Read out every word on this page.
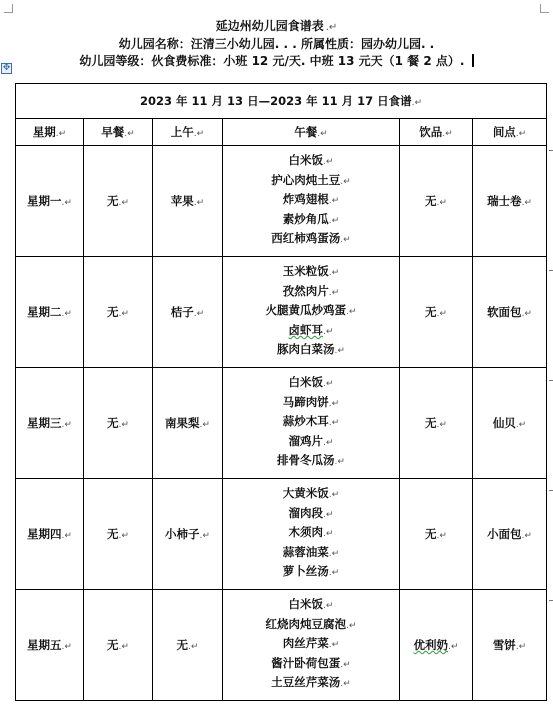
延边州幼儿园食谱表 .↵
幼儿园名称：汪清三小幼儿园. . . 所属性质：园办幼儿园. .
幼儿园等级：伙食费标准：小班 12 元/天. 中班 13 元天（1 餐 2 点）.
✥
2023 年 11 月 13 日—2023 年 11 月 17 日食谱.↵					
星期.↵	早餐.↵	上午.↵	午餐.↵	饮品.↵	间点.↵
星期一.↵	无.↵	苹果.↵	白米饭.↵
护心肉炖土豆.↵
炸鸡翅根.↵
素炒角瓜.↵
西红柿鸡蛋汤.↵	无.↵	瑞士卷.↵
星期二.↵	无.↵	桔子.↵	玉米粒饭.↵
孜然肉片.↵
火腿黄瓜炒鸡蛋.↵
卤虾耳.↵
豚肉白菜汤.↵	无.↵	软面包.↵
星期三.↵	无.↵	南果梨.↵	白米饭.↵
马蹄肉饼.↵
蒜炒木耳.↵
溜鸡片.↵
排骨冬瓜汤.↵	无.↵	仙贝.↵
星期四.↵	无.↵	小柿子.↵	大黄米饭.↵
溜肉段.↵
木须肉.↵
蒜蓉油菜.↵
萝卜丝汤.↵	无.↵	小面包.↵
星期五.↵	无.↵	无.↵	白米饭.↵
红烧肉炖豆腐泡.↵
肉丝芹菜.↵
酱汁卧荷包蛋.↵
土豆丝芹菜汤.↵	优利奶.↵	雪饼.↵
